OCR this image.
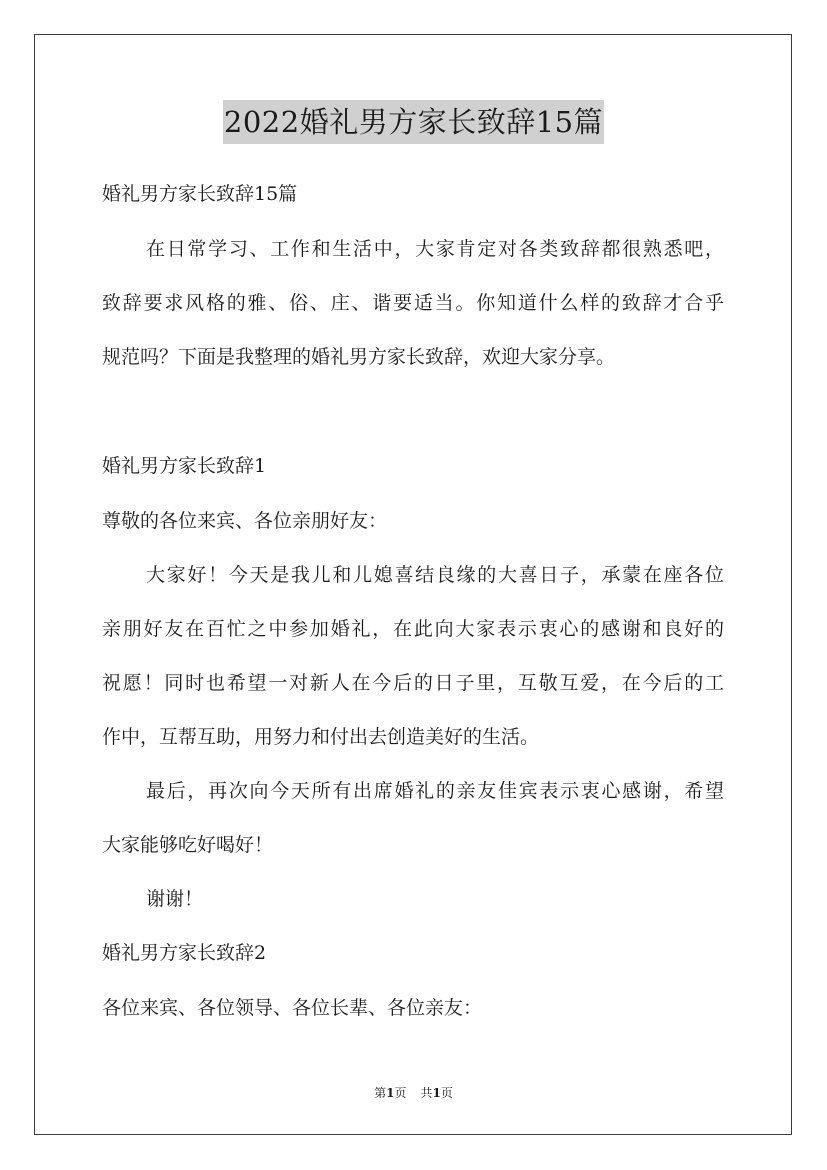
2022婚礼男方家长致辞15篇

婚礼男方家长致辞15篇

在日常学习、工作和生活中，大家肯定对各类致辞都很熟悉吧，

致辞要求风格的雅、俗、庄、谐要适当。你知道什么样的致辞才合乎

规范吗？下面是我整理的婚礼男方家长致辞，欢迎大家分享。

婚礼男方家长致辞1

尊敬的各位来宾、各位亲朋好友：

大家好！今天是我儿和儿媳喜结良缘的大喜日子，承蒙在座各位

亲朋好友在百忙之中参加婚礼，在此向大家表示衷心的感谢和良好的

祝愿！同时也希望一对新人在今后的日子里，互敬互爱，在今后的工

作中，互帮互助，用努力和付出去创造美好的生活。

最后，再次向今天所有出席婚礼的亲友佳宾表示衷心感谢，希望

大家能够吃好喝好！

谢谢！

婚礼男方家长致辞2

各位来宾、各位领导、各位长辈、各位亲友：

第1页 共1页
